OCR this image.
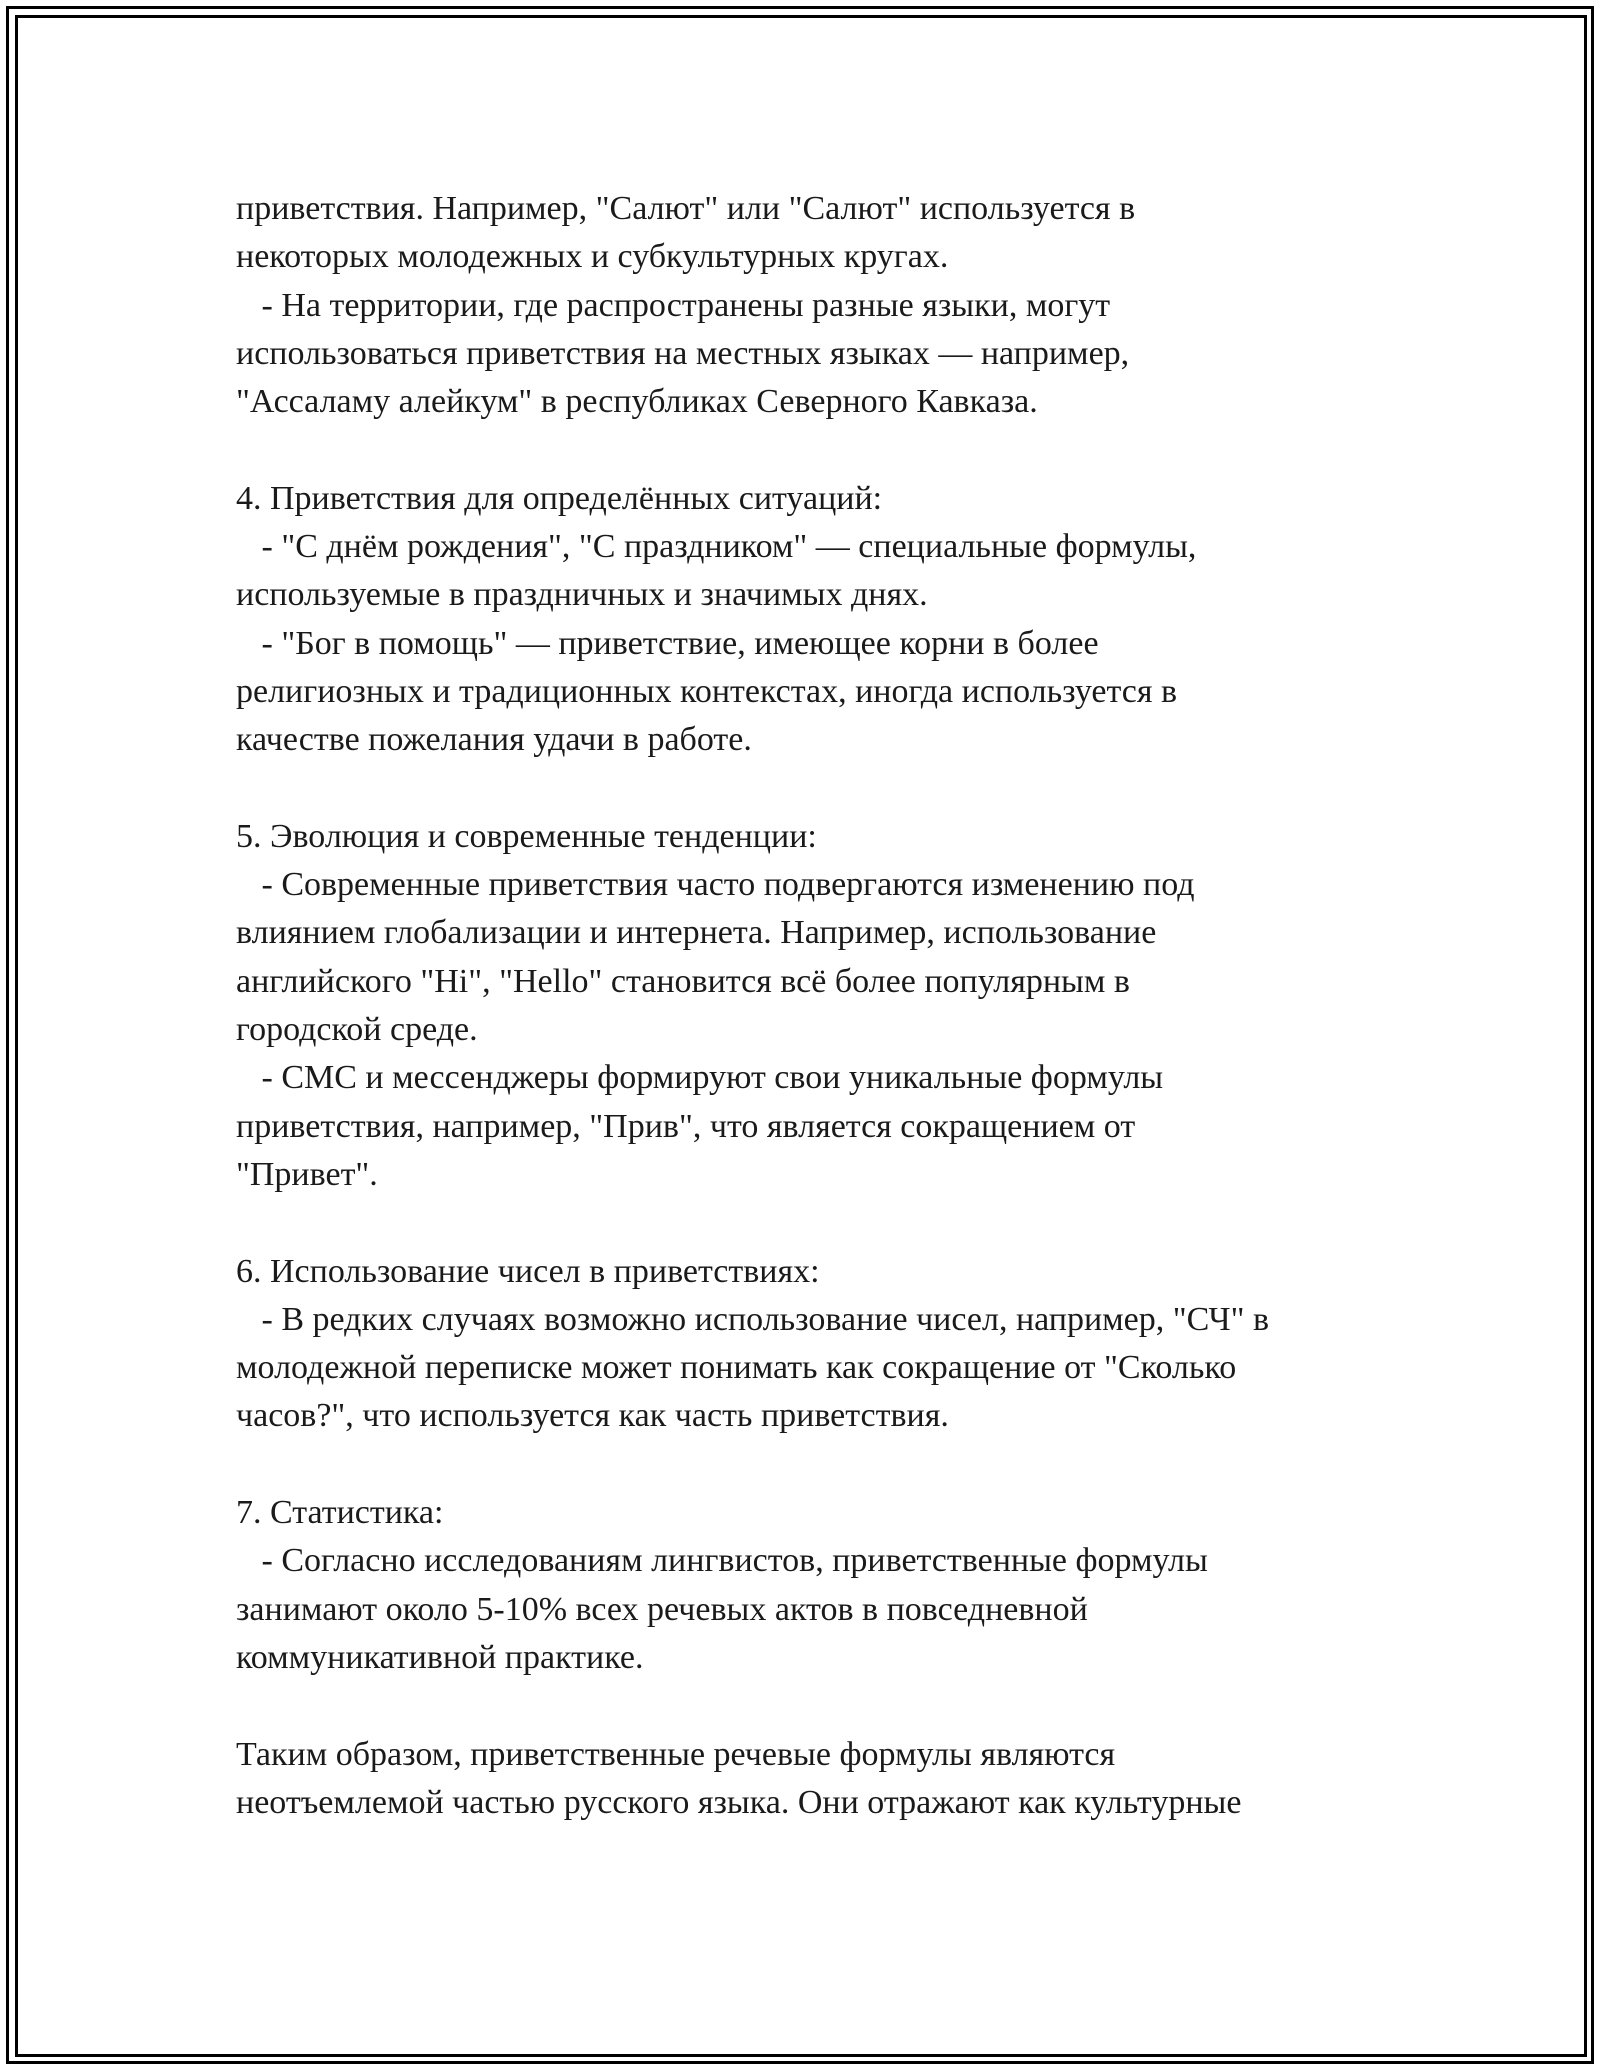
приветствия. Например, "Салют" или "Салют" используется в
некоторых молодежных и субкультурных кругах.
- На территории, где распространены разные языки, могут
использоваться приветствия на местных языках — например,
"Ассаламу алейкум" в республиках Северного Кавказа.
4. Приветствия для определённых ситуаций:
- "С днём рождения", "С праздником" — специальные формулы,
используемые в праздничных и значимых днях.
- "Бог в помощь" — приветствие, имеющее корни в более
религиозных и традиционных контекстах, иногда используется в
качестве пожелания удачи в работе.
5. Эволюция и современные тенденции:
- Современные приветствия часто подвергаются изменению под
влиянием глобализации и интернета. Например, использование
английского "Hi", "Hello" становится всё более популярным в
городской среде.
- СМС и мессенджеры формируют свои уникальные формулы
приветствия, например, "Прив", что является сокращением от
"Привет".
6. Использование чисел в приветствиях:
- В редких случаях возможно использование чисел, например, "СЧ" в
молодежной переписке может понимать как сокращение от "Сколько
часов?", что используется как часть приветствия.
7. Статистика:
- Согласно исследованиям лингвистов, приветственные формулы
занимают около 5-10% всех речевых актов в повседневной
коммуникативной практике.
Таким образом, приветственные речевые формулы являются
неотъемлемой частью русского языка. Они отражают как культурные
